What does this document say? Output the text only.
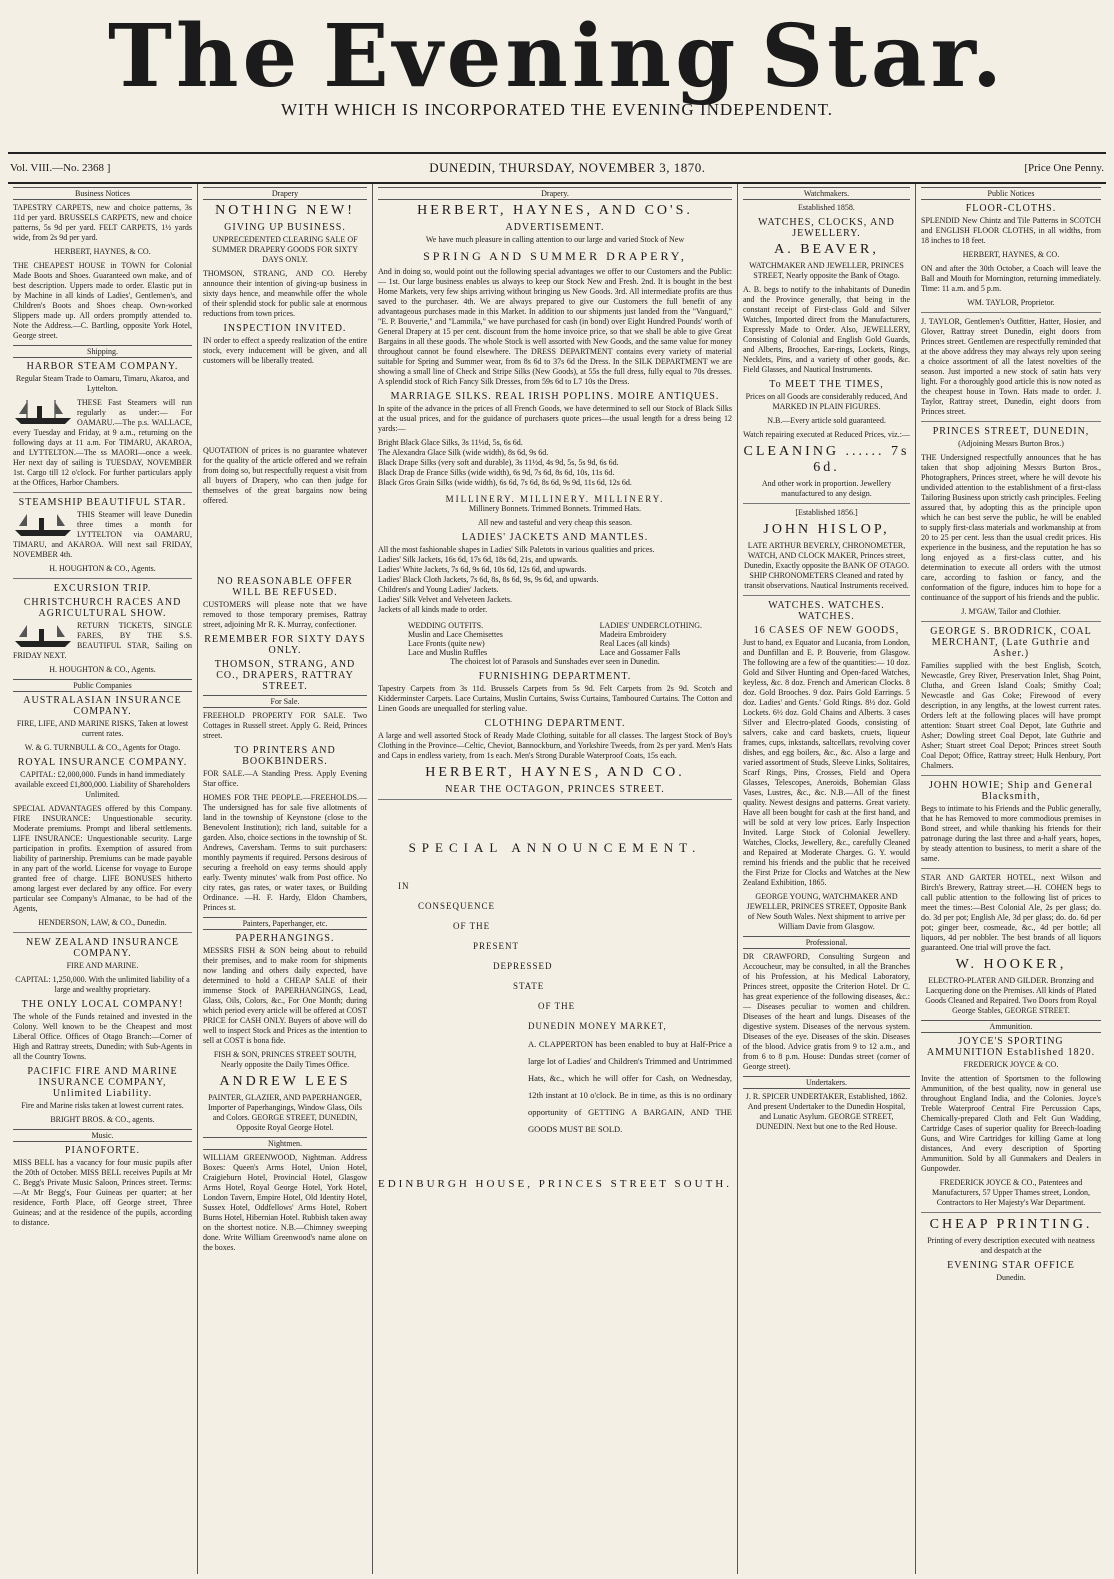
The Evening Star.
WITH WHICH IS INCORPORATED THE EVENING INDEPENDENT.
Vol. VIII.—No. 2368 ]	DUNEDIN, THURSDAY, NOVEMBER 3, 1870.	[Price One Penny.
Business Notices
TAPESTRY CARPETS, new and choice patterns, 3s 11d per yard. BRUSSELS CARPETS, new and choice patterns, 5s 9d per yard. FELT CARPETS, 1½ yards wide, from 2s 9d per yard.
HERBERT, HAYNES, & CO.
THE CHEAPEST HOUSE in TOWN for Colonial Made Boots and Shoes. Guaranteed own make, and of best description. Uppers made to order. Elastic put in by Machine in all kinds of Ladies', Gentlemen's, and Children's Boots and Shoes cheap. Own-worked Slippers made up. All orders promptly attended to. Note the Address.—C. Bartling, opposite York Hotel, George street.
Shipping.
HARBOR STEAM COMPANY.
Regular Steam Trade to Oamaru, Timaru, Akaroa, and Lyttelton.
THESE Fast Steamers will run regularly as under:— For OAMARU.—The p.s. WALLACE, every Tuesday and Friday, at 9 a.m., returning on the following days at 11 a.m. For TIMARU, AKAROA, and LYTTELTON.—The ss MAORI—once a week. Her next day of sailing is TUESDAY, NOVEMBER 1st. Cargo till 12 o'clock. For further particulars apply at the Offices, Harbor Chambers.
STEAMSHIP BEAUTIFUL STAR.
THIS Steamer will leave Dunedin three times a month for LYTTELTON via OAMARU, TIMARU, and AKAROA. Will next sail FRIDAY, NOVEMBER 4th.
H. HOUGHTON & CO., Agents.
EXCURSION TRIP.
CHRISTCHURCH RACES AND AGRICULTURAL SHOW.
RETURN TICKETS, SINGLE FARES, BY THE S.S. BEAUTIFUL STAR, Sailing on FRIDAY NEXT.
H. HOUGHTON & CO., Agents.
Public Companies
AUSTRALASIAN INSURANCE COMPANY.
FIRE, LIFE, AND MARINE RISKS, Taken at lowest current rates.
W. & G. TURNBULL & CO., Agents for Otago.
ROYAL INSURANCE COMPANY.
CAPITAL: £2,000,000. Funds in hand immediately available exceed £1,800,000. Liability of Shareholders Unlimited.
SPECIAL ADVANTAGES offered by this Company. FIRE INSURANCE: Unquestionable security. Moderate premiums. Prompt and liberal settlements. LIFE INSURANCE: Unquestionable security. Large participation in profits. Exemption of assured from liability of partnership. Premiums can be made payable in any part of the world. License for voyage to Europe granted free of charge. LIFE BONUSES hitherto among largest ever declared by any office. For every particular see Company's Almanac, to be had of the Agents,
HENDERSON, LAW, & CO., Dunedin.
NEW ZEALAND INSURANCE COMPANY.
FIRE AND MARINE.
CAPITAL: 1,250,000. With the unlimited liability of a large and wealthy proprietary.
THE ONLY LOCAL COMPANY!
The whole of the Funds retained and invested in the Colony. Well known to be the Cheapest and most Liberal Office. Offices of Otago Branch:—Corner of High and Rattray streets, Dunedin; with Sub-Agents in all the Country Towns.
PACIFIC FIRE AND MARINE INSURANCE COMPANY, Unlimited Liability.
Fire and Marine risks taken at lowest current rates.
BRIGHT BROS. & CO., agents.
Music.
PIANOFORTE.
MISS BELL has a vacancy for four music pupils after the 20th of October. MISS BELL receives Pupils at Mr C. Begg's Private Music Saloon, Princes street. Terms:—At Mr Begg's, Four Guineas per quarter; at her residence, Forth Place, off George street, Three Guineas; and at the residence of the pupils, according to distance.
Drapery
NOTHING NEW!
GIVING UP BUSINESS.
UNPRECEDENTED CLEARING SALE OF SUMMER DRAPERY GOODS FOR SIXTY DAYS ONLY.
THOMSON, STRANG, AND CO. Hereby announce their intention of giving-up business in sixty days hence, and meanwhile offer the whole of their splendid stock for public sale at enormous reductions from town prices.
INSPECTION INVITED.
IN order to effect a speedy realization of the entire stock, every inducement will be given, and all customers will be liberally treated.
QUOTATION of prices is no guarantee whatever for the quality of the article offered and we refrain from doing so, but respectfully request a visit from all buyers of Drapery, who can then judge for themselves of the great bargains now being offered.
NO REASONABLE OFFER WILL BE REFUSED.
CUSTOMERS will please note that we have removed to those temporary premises, Rattray street, adjoining Mr R. K. Murray, confectioner.
REMEMBER FOR SIXTY DAYS ONLY.
THOMSON, STRANG, AND CO., DRAPERS, RATTRAY STREET.
For Sale.
FREEHOLD PROPERTY FOR SALE. Two Cottages in Russell street. Apply G. Reid, Princes street.
TO PRINTERS AND BOOKBINDERS.
FOR SALE.—A Standing Press. Apply Evening Star office.
HOMES FOR THE PEOPLE.—FREEHOLDS.—The undersigned has for sale five allotments of land in the township of Keynstone (close to the Benevolent Institution); rich land, suitable for a garden. Also, choice sections in the township of St. Andrews, Caversham. Terms to suit purchasers: monthly payments if required. Persons desirous of securing a freehold on easy terms should apply early. Twenty minutes' walk from Post office. No city rates, gas rates, or water taxes, or Building Ordinance. —H. F. Hardy, Eldon Chambers, Princes st.
Painters, Paperhanger, etc.
PAPERHANGINGS.
MESSRS FISH & SON being about to rebuild their premises, and to make room for shipments now landing and others daily expected, have determined to hold a CHEAP SALE of their immense Stock of PAPERHANGINGS, Lead, Glass, Oils, Colors, &c., For One Month; during which period every article will be offered at COST PRICE for CASH ONLY. Buyers of above will do well to inspect Stock and Prices as the intention to sell at COST is bona fide.
FISH & SON, PRINCES STREET SOUTH, Nearly opposite the Daily Times Office.
ANDREW LEES
PAINTER, GLAZIER, AND PAPERHANGER, Importer of Paperhangings, Window Glass, Oils and Colors. GEORGE STREET, DUNEDIN, Opposite Royal George Hotel.
Nightmen.
WILLIAM GREENWOOD, Nightman. Address Boxes: Queen's Arms Hotel, Union Hotel, Craigieburn Hotel, Provincial Hotel, Glasgow Arms Hotel, Royal George Hotel, York Hotel, London Tavern, Empire Hotel, Old Identity Hotel, Sussex Hotel, Oddfellows' Arms Hotel, Robert Burns Hotel, Hibernian Hotel. Rubbish taken away on the shortest notice. N.B.—Chimney sweeping done. Write William Greenwood's name alone on the boxes.
Drapery.
HERBERT, HAYNES, AND CO'S.
ADVERTISEMENT.
We have much pleasure in calling attention to our large and varied Stock of New
SPRING AND SUMMER DRAPERY,
And in doing so, would point out the following special advantages we offer to our Customers and the Public:— 1st. Our large business enables us always to keep our Stock New and Fresh. 2nd. It is bought in the best Home Markets, very few ships arriving without bringing us New Goods. 3rd. All intermediate profits are thus saved to the purchaser. 4th. We are always prepared to give our Customers the full benefit of any advantageous purchases made in this Market. In addition to our shipments just landed from the "Vanguard," "E. P. Bouverie," and "Lammila," we have purchased for cash (in bond) over Eight Hundred Pounds' worth of General Drapery at 15 per cent. discount from the home invoice price, so that we shall be able to give Great Bargains in all these goods. The whole Stock is well assorted with New Goods, and the same value for money throughout cannot be found elsewhere. The DRESS DEPARTMENT contains every variety of material suitable for Spring and Summer wear, from 8s 6d to 37s 6d the Dress. In the SILK DEPARTMENT we are showing a small line of Check and Stripe Silks (New Goods), at 55s the full dress, fully equal to 70s dresses. A splendid stock of Rich Fancy Silk Dresses, from 59s 6d to L7 10s the Dress.
MARRIAGE SILKS. REAL IRISH POPLINS. MOIRE ANTIQUES.
In spite of the advance in the prices of all French Goods, we have determined to sell our Stock of Black Silks at the usual prices, and for the guidance of purchasers quote prices—the usual length for a dress being 12 yards:—
Bright Black Glace Silks, 3s 11½d, 5s, 6s 6d.
The Alexandra Glace Silk (wide width), 8s 6d, 9s 6d.
Black Drape Silks (very soft and durable), 3s 11½d, 4s 9d, 5s, 5s 9d, 6s 6d.
Black Drap de France Silks (wide width), 6s 9d, 7s 6d, 8s 6d, 10s, 11s 6d.
Black Gros Grain Silks (wide width), 6s 6d, 7s 6d, 8s 6d, 9s 9d, 11s 6d, 12s 6d.
MILLINERY. MILLINERY. MILLINERY.
Millinery Bonnets. Trimmed Bonnets. Trimmed Hats.
All new and tasteful and very cheap this season.
LADIES' JACKETS AND MANTLES.
All the most fashionable shapes in Ladies' Silk Paletots in various qualities and prices.
Ladies' Silk Jackets, 16s 6d, 17s 6d, 18s 6d, 21s, and upwards.
Ladies' White Jackets, 7s 6d, 9s 6d, 10s 6d, 12s 6d, and upwards.
Ladies' Black Cloth Jackets, 7s 6d, 8s, 8s 6d, 9s, 9s 6d, and upwards.
Children's and Young Ladies' Jackets.
Ladies' Silk Velvet and Velveteen Jackets.
Jackets of all kinds made to order.
WEDDING OUTFITS.
Muslin and Lace Chemisettes
Lace Fronts (quite new)
Lace and Muslin Ruffles
LADIES' UNDERCLOTHING.
Madeira Embroidery
Real Laces (all kinds)
Lace and Gossamer Falls
The choicest lot of Parasols and Sunshades ever seen in Dunedin.
FURNISHING DEPARTMENT.
Tapestry Carpets from 3s 11d. Brussels Carpets from 5s 9d. Felt Carpets from 2s 9d. Scotch and Kidderminster Carpets. Lace Curtains, Muslin Curtains, Swiss Curtains, Tamboured Curtains. The Cotton and Linen Goods are unequalled for sterling value.
CLOTHING DEPARTMENT.
A large and well assorted Stock of Ready Made Clothing, suitable for all classes. The largest Stock of Boy's Clothing in the Province—Celtic, Cheviot, Bannockburn, and Yorkshire Tweeds, from 2s per yard. Men's Hats and Caps in endless variety, from 1s each. Men's Strong Durable Waterproof Coats, 15s each.
HERBERT, HAYNES, AND CO.
NEAR THE OCTAGON, PRINCES STREET.
SPECIAL ANNOUNCEMENT.
IN
CONSEQUENCE
OF THE
PRESENT
DEPRESSED
STATE
OF THE
DUNEDIN MONEY MARKET,
A. CLAPPERTON has been enabled to buy at Half-Price a large lot of Ladies' and Children's Trimmed and Untrimmed Hats, &c., which he will offer for Cash, on Wednesday, 12th instant at 10 o'clock. Be in time, as this is no ordinary opportunity of GETTING A BARGAIN, AND THE GOODS MUST BE SOLD.
EDINBURGH HOUSE, PRINCES STREET SOUTH.
Watchmakers.
Established 1858.
WATCHES, CLOCKS, AND JEWELLERY.
A. BEAVER,
WATCHMAKER AND JEWELLER, PRINCES STREET, Nearly opposite the Bank of Otago.
A. B. begs to notify to the inhabitants of Dunedin and the Province generally, that being in the constant receipt of First-class Gold and Silver Watches, Imported direct from the Manufacturers, Expressly Made to Order. Also, JEWELLERY, Consisting of Colonial and English Gold Guards, and Alberts, Brooches, Ear-rings, Lockets, Rings, Necklets, Pins, and a variety of other goods, &c. Field Glasses, and Nautical Instruments.
To MEET THE TIMES,
Prices on all Goods are considerably reduced, And MARKED IN PLAIN FIGURES.
N.B.—Every article sold guaranteed.
Watch repairing executed at Reduced Prices, viz.:—
CLEANING ...... 7s 6d.
And other work in proportion. Jewellery manufactured to any design.
[Established 1856.]
JOHN HISLOP,
LATE ARTHUR BEVERLY, CHRONOMETER, WATCH, AND CLOCK MAKER, Princes street, Dunedin, Exactly opposite the BANK OF OTAGO. SHIP CHRONOMETERS Cleaned and rated by transit observations. Nautical Instruments received.
WATCHES. WATCHES. WATCHES.
16 CASES OF NEW GOODS,
Just to hand, ex Equator and Lucania, from London, and Dunfillan and E. P. Bouverie, from Glasgow. The following are a few of the quantities:— 10 doz. Gold and Silver Hunting and Open-faced Watches, keyless, &c. 8 doz. French and American Clocks. 8 doz. Gold Brooches. 9 doz. Pairs Gold Earrings. 5 doz. Ladies' and Gents.' Gold Rings. 8½ doz. Gold Lockets. 6½ doz. Gold Chains and Alberts. 3 cases Silver and Electro-plated Goods, consisting of salvers, cake and card baskets, cruets, liqueur frames, cups, inkstands, saltcellars, revolving cover dishes, and egg boilers, &c., &c. Also a large and varied assortment of Studs, Sleeve Links, Solitaires, Scarf Rings, Pins, Crosses, Field and Opera Glasses, Telescopes, Aneroids, Bohemian Glass Vases, Lustres, &c., &c. N.B.—All of the finest quality. Newest designs and patterns. Great variety. Have all been bought for cash at the first hand, and will be sold at very low prices. Early Inspection Invited. Large Stock of Colonial Jewellery. Watches, Clocks, Jewellery, &c., carefully Cleaned and Repaired at Moderate Charges. G. Y. would remind his friends and the public that he received the First Prize for Clocks and Watches at the New Zealand Exhibition, 1865.
GEORGE YOUNG, WATCHMAKER AND JEWELLER, PRINCES STREET, Opposite Bank of New South Wales. Next shipment to arrive per William Davie from Glasgow.
Professional.
DR CRAWFORD, Consulting Surgeon and Accoucheur, may be consulted, in all the Branches of his Profession, at his Medical Laboratory, Princes street, opposite the Criterion Hotel. Dr C. has great experience of the following diseases, &c.:— Diseases peculiar to women and children. Diseases of the heart and lungs. Diseases of the digestive system. Diseases of the nervous system. Diseases of the eye. Diseases of the skin. Diseases of the blood. Advice gratis from 9 to 12 a.m., and from 6 to 8 p.m. House: Dundas street (corner of George street).
Undertakers.
J. R. SPICER UNDERTAKER, Established, 1862. And present Undertaker to the Dunedin Hospital, and Lunatic Asylum. GEORGE STREET, DUNEDIN. Next but one to the Red House.
Public Notices
FLOOR-CLOTHS.
SPLENDID New Chintz and Tile Patterns in SCOTCH and ENGLISH FLOOR CLOTHS, in all widths, from 18 inches to 18 feet.
HERBERT, HAYNES, & CO.
ON and after the 30th October, a Coach will leave the Ball and Mouth for Mornington, returning immediately. Time: 11 a.m. and 5 p.m.
WM. TAYLOR, Proprietor.
J. TAYLOR, Gentlemen's Outfitter, Hatter, Hosier, and Glover, Rattray street Dunedin, eight doors from Princes street. Gentlemen are respectfully reminded that at the above address they may always rely upon seeing a choice assortment of all the latest novelties of the season. Just imported a new stock of satin hats very light. For a thoroughly good article this is now noted as the cheapest house in Town. Hats made to order. J. Taylor, Rattray street, Dunedin, eight doors from Princes street.
PRINCES STREET, DUNEDIN,
(Adjoining Messrs Burton Bros.)
THE Undersigned respectfully announces that he has taken that shop adjoining Messrs Burton Bros., Photographers, Princes street, where he will devote his undivided attention to the establishment of a first-class Tailoring Business upon strictly cash principles. Feeling assured that, by adopting this as the principle upon which he can best serve the public, he will be enabled to supply first-class materials and workmanship at from 20 to 25 per cent. less than the usual credit prices. His experience in the business, and the reputation he has so long enjoyed as a first-class cutter, and his determination to execute all orders with the utmost care, according to fashion or fancy, and the conformation of the figure, induces him to hope for a continuance of the support of his friends and the public.
J. M'GAW, Tailor and Clothier.
GEORGE S. BRODRICK, COAL MERCHANT, (Late Guthrie and Asher.)
Families supplied with the best English, Scotch, Newcastle, Grey River, Preservation Inlet, Shag Point, Clutha, and Green Island Coals; Smithy Coal; Newcastle and Gas Coke; Firewood of every description, in any lengths, at the lowest current rates. Orders left at the following places will have prompt attention: Stuart street Coal Depot, late Guthrie and Asher; Dowling street Coal Depot, late Guthrie and Asher; Stuart street Coal Depot; Princes street South Coal Depot; Office, Rattray street; Hulk Henbury, Port Chalmers.
JOHN HOWIE; Ship and General Blacksmith,
Begs to intimate to his Friends and the Public generally, that he has Removed to more commodious premises in Bond street, and while thanking his friends for their patronage during the last three and a-half years, hopes, by steady attention to business, to merit a share of the same.
STAR AND GARTER HOTEL, next Wilson and Birch's Brewery, Rattray street.—H. COHEN begs to call public attention to the following list of prices to meet the times:—Best Colonial Ale, 2s per glass; do. do. 3d per pot; English Ale, 3d per glass; do. do. 6d per pot; ginger beer, cosmeade, &c., 4d per bottle; all liquors, 4d per nobbler. The best brands of all liquors guaranteed. One trial will prove the fact.
W. HOOKER,
ELECTRO-PLATER AND GILDER. Bronzing and Lacquering done on the Premises. All kinds of Plated Goods Cleaned and Repaired. Two Doors from Royal George Stables, GEORGE STREET.
Ammunition.
JOYCE'S SPORTING AMMUNITION Established 1820.
FREDERICK JOYCE & CO.
Invite the attention of Sportsmen to the following Ammunition, of the best quality, now in general use throughout England India, and the Colonies. Joyce's Treble Waterproof Central Fire Percussion Caps, Chemically-prepared Cloth and Felt Gun Wadding, Cartridge Cases of superior quality for Breech-loading Guns, and Wire Cartridges for killing Game at long distances, And every description of Sporting Ammunition. Sold by all Gunmakers and Dealers in Gunpowder.
FREDERICK JOYCE & CO., Patentees and Manufacturers, 57 Upper Thames street, London, Contractors to Her Majesty's War Department.
CHEAP PRINTING.
Printing of every description executed with neatness and despatch at the
EVENING STAR OFFICE
Dunedin.
